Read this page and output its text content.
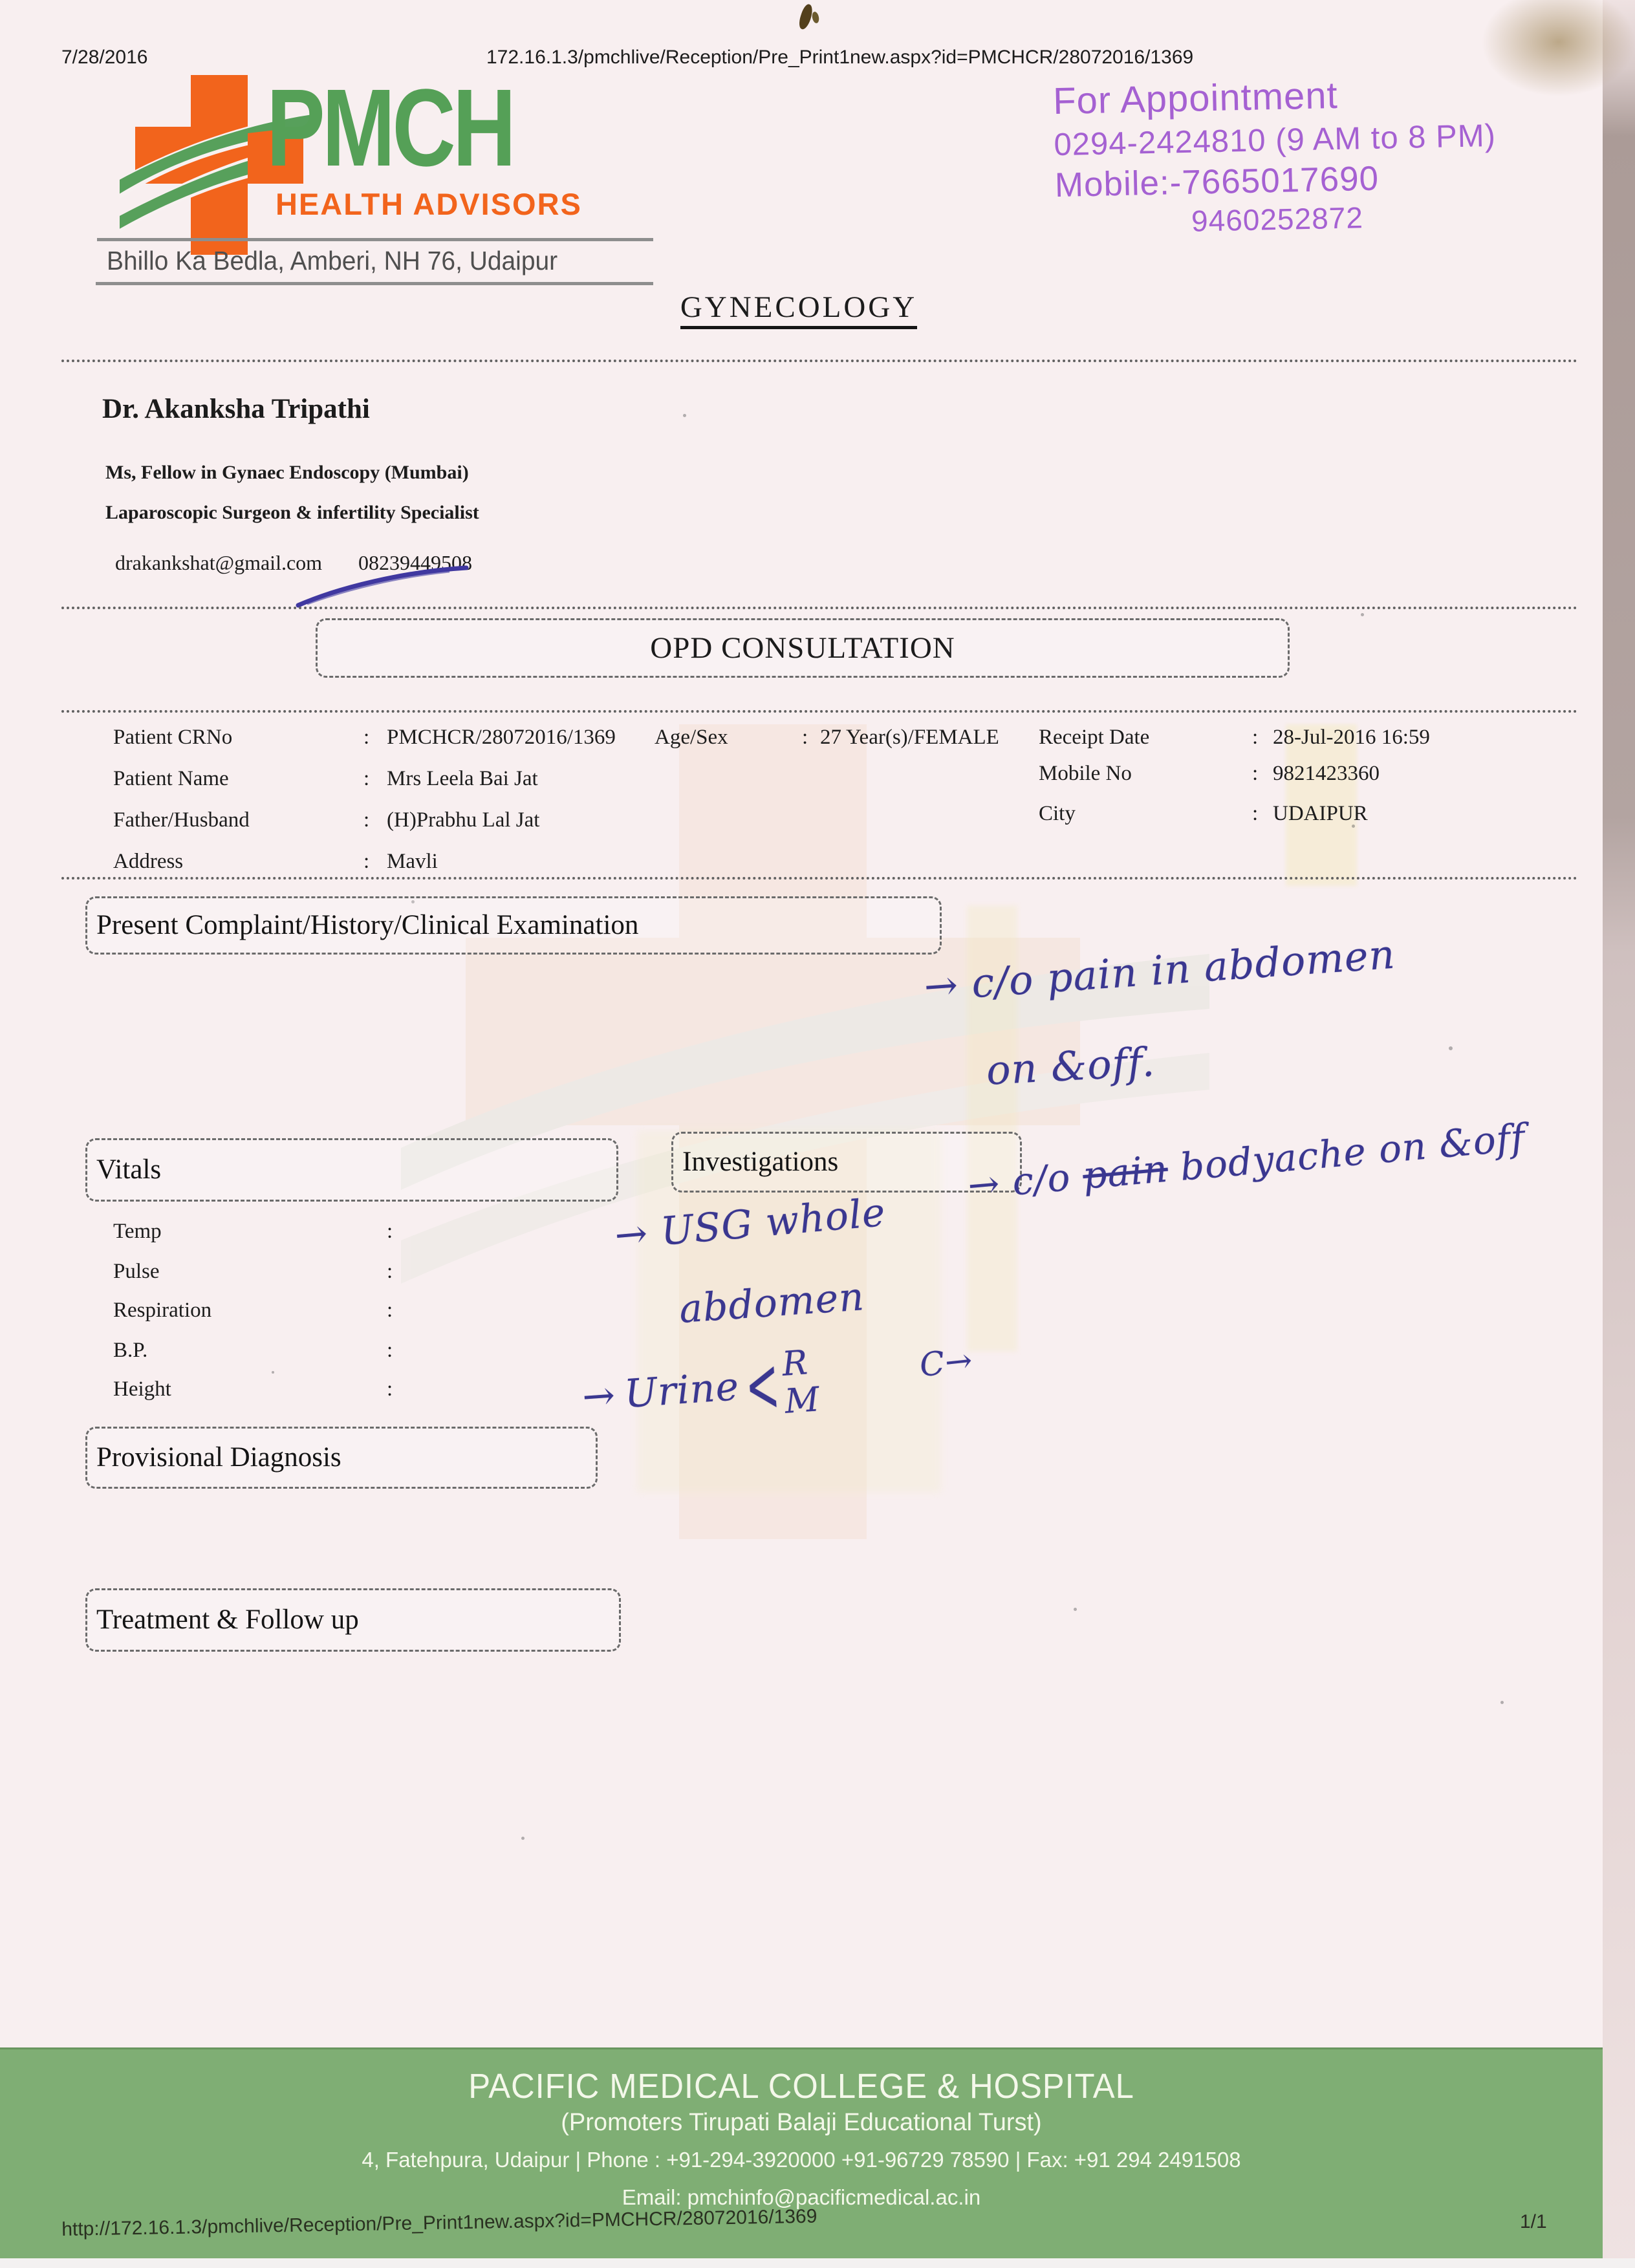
7/28/2016	172.16.1.3/pmchlive/Reception/Pre_Print1new.aspx?id=PMCHCR/28072016/1369
PMCH
HEALTH ADVISORS
For Appointment
0294-2424810 (9 AM to 8 PM)
Mobile:-7665017690
9460252872
Bhillo Ka Bedla, Amberi, NH 76, Udaipur
GYNECOLOGY
Dr. Akanksha Tripathi
Ms, Fellow in Gynaec Endoscopy (Mumbai)
Laparoscopic Surgeon & infertility Specialist
drakankshat@gmail.com 08239449508
OPD CONSULTATION
Patient CRNo	: PMCHCR/28072016/1369 Age/Sex	: 27 Year(s)/FEMALE Receipt Date	: 28-Jul-2016 16:59
Patient Name	: Mrs Leela Bai Jat	Mobile No	: 9821423360
Father/Husband	: (H)Prabhu Lal Jat	City	: UDAIPUR
Address	: Mavli
Present Complaint/History/Clinical Examination
→ c/o pain in abdomen
on &off.
Vitals	Investigations	→ c/o pain bodyache on &off
Temp	:
Pulse	:
Respiration	:
B.P.	:
Height	:
→ USG whole
abdomen
→ Urine <
R
M
C→
Provisional Diagnosis
Treatment & Follow up
PACIFIC MEDICAL COLLEGE & HOSPITAL
(Promoters Tirupati Balaji Educational Turst)
4, Fatehpura, Udaipur | Phone : +91-294-3920000 +91-96729 78590 | Fax: +91 294 2491508
Email: pmchinfo@pacificmedical.ac.in
http://172.16.1.3/pmchlive/Reception/Pre_Print1new.aspx?id=PMCHCR/28072016/1369	1/1
